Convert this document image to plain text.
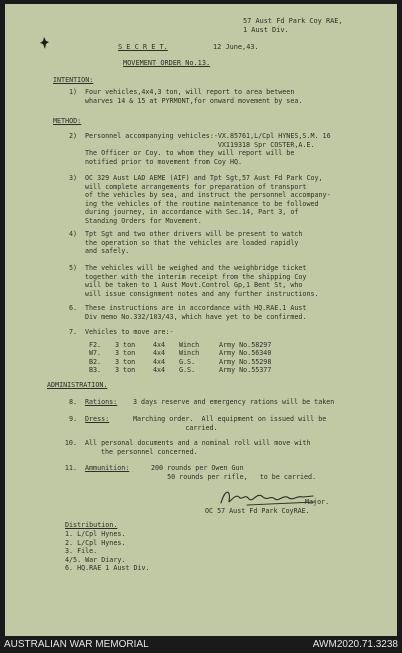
57 Aust Fd Park Coy RAE,
1 Aust Div.
S E C R E T.	12 June,43.
MOVEMENT ORDER No.13.
INTENTION:
1) Four vehicles,4x4,3 ton, will report to area between
wharves 14 & 15 at PYRMONT,for onward movement by sea.
METHOD:
2) Personnel accompanying vehicles:-VX.85761,L/Cpl HYNES,S.M. 16
VX119318 Spr COSTER,A.E.
The Officer or Coy. to whom they will report will be
notified prior to movement from Coy HQ.
3) OC 329 Aust LAD AEME (AIF) and Tpt Sgt,57 Aust Fd Park Coy,
will complete arrangements for preparation of transport
of the vehicles by sea, and instruct the personnel accompany-
ing the vehicles of the routine maintenance to be followed
during journey, in accordance with Sec.14, Part 3, of
Standing Orders for Movement.
4) Tpt Sgt and two other drivers will be present to watch
the operation so that the vehicles are loaded rapidly
and safely.
5) The vehicles will be weighed and the weighbridge ticket
together with the interim receipt from the shipping Coy
will be taken to 1 Aust Movt.Control Gp,1 Bent St, who
will issue consignment notes and any further instructions.
6. These instructions are in accordance with HQ.RAE.1 Aust
Div memo No.332/103/43, which have yet to be confirmed.
7. Vehicles to move are:-
F2.	3 ton	4x4	Winch	Army No.58297
W7.	3 ton	4x4	Winch	Army No.56340
B2.	3 ton	4x4	G.S.	Army No.55298
B3.	3 ton	4x4	G.S.	Army No.55377
ADMINISTRATION.
8. Rations: 3 days reserve and emergency rations will be taken
9. Dress:	Marching order.  All equipment on issued will be
carried.
10. All personal documents and a nominal roll will move with
the personnel concerned.
11. Ammunition:	200 rounds per Owen Gun
50 rounds per rifle,   to be carried.
Major.
OC 57 Aust Fd Park CoyRAE.
Distribution.
1. L/Cpl Hynes.
2. L/Cpl Hynes.
3. File.
4/5. War Diary.
6. HQ.RAE 1 Aust Div.
AUSTRALIAN WAR MEMORIAL	AWM2020.71.3238
